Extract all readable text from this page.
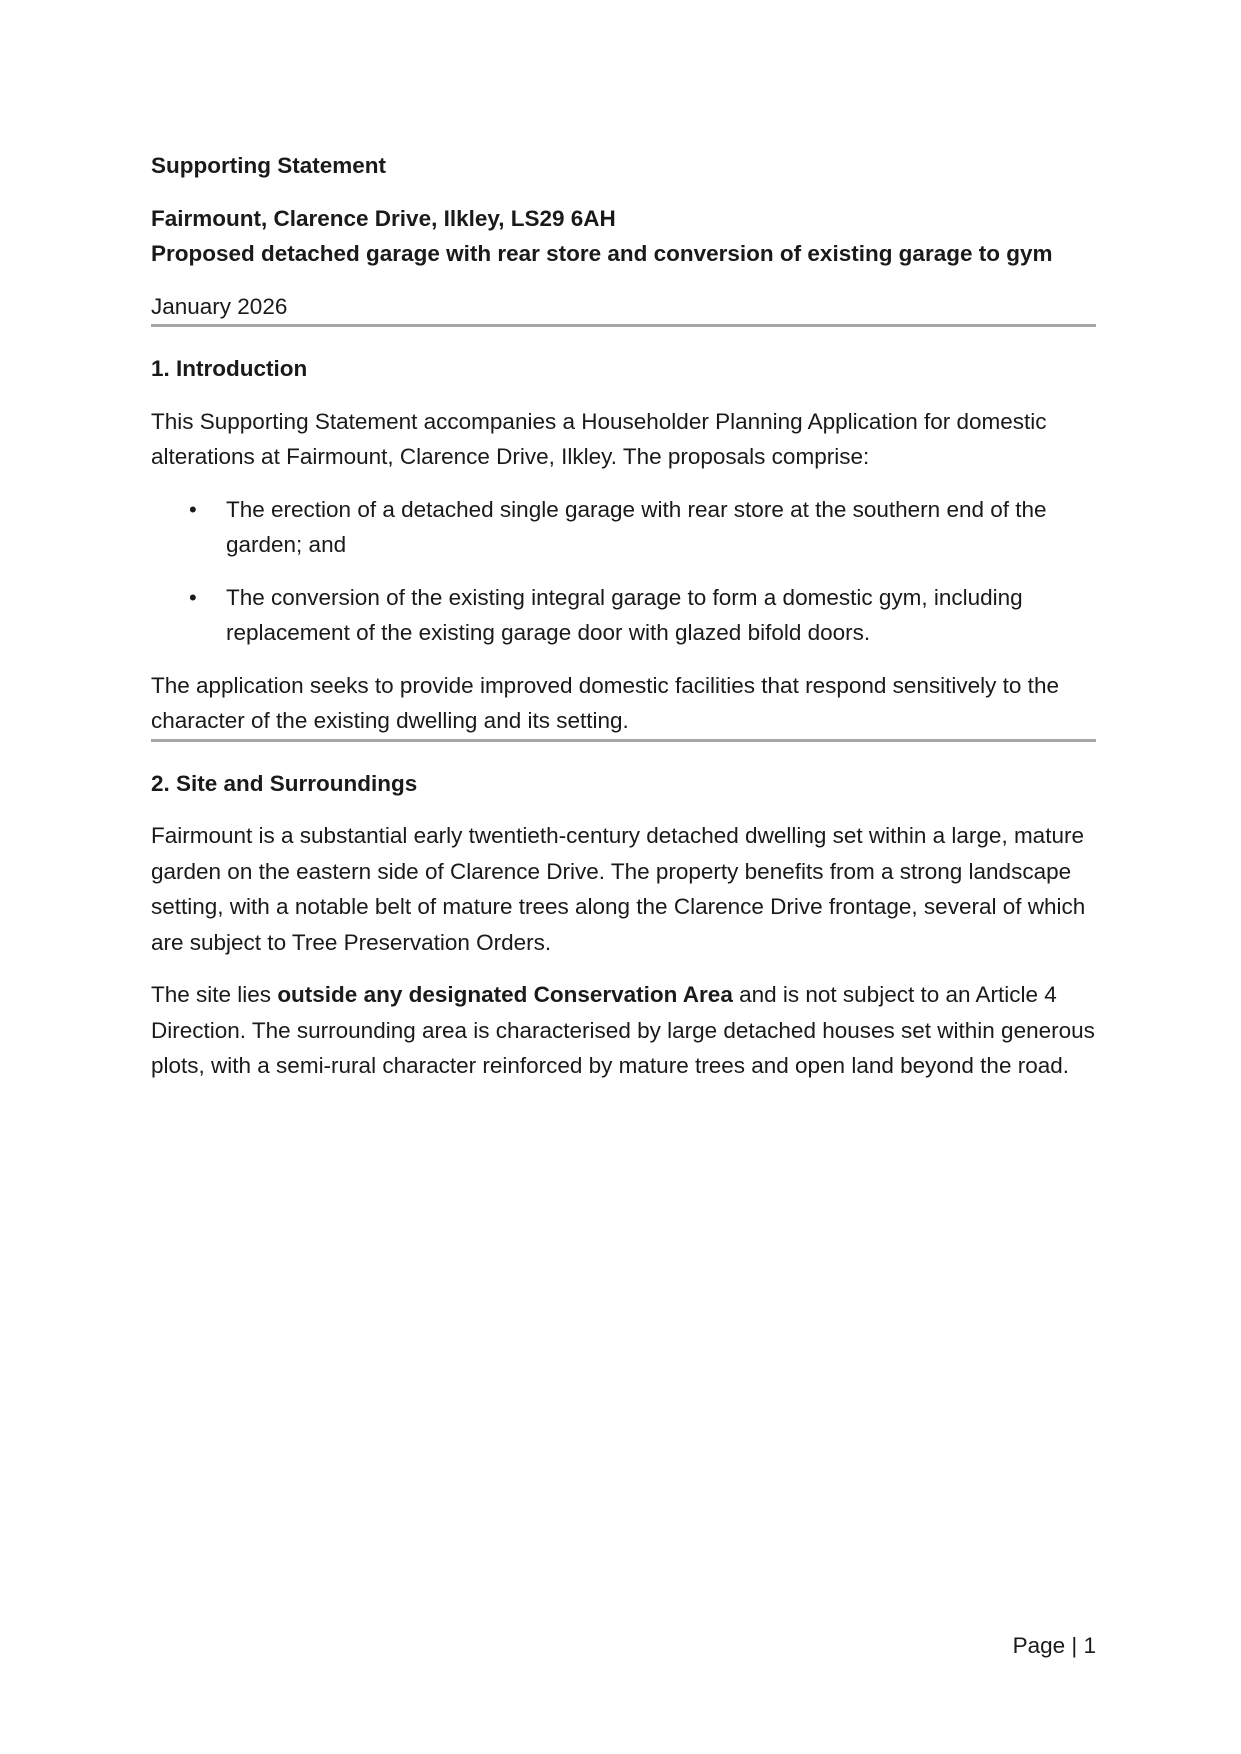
Supporting Statement

Fairmount, Clarence Drive, Ilkley, LS29 6AH

Proposed detached garage with rear store and conversion of existing garage to gym

January 2026

1. Introduction

This Supporting Statement accompanies a Householder Planning Application for domestic alterations at Fairmount, Clarence Drive, Ilkley. The proposals comprise:

• The erection of a detached single garage with rear store at the southern end of the garden; and
• The conversion of the existing integral garage to form a domestic gym, including replacement of the existing garage door with glazed bifold doors.

The application seeks to provide improved domestic facilities that respond sensitively to the character of the existing dwelling and its setting.

2. Site and Surroundings

Fairmount is a substantial early twentieth-century detached dwelling set within a large, mature garden on the eastern side of Clarence Drive. The property benefits from a strong landscape setting, with a notable belt of mature trees along the Clarence Drive frontage, several of which are subject to Tree Preservation Orders.

The site lies outside any designated Conservation Area and is not subject to an Article 4 Direction. The surrounding area is characterised by large detached houses set within generous plots, with a semi-rural character reinforced by mature trees and open land beyond the road.

Page | 1
